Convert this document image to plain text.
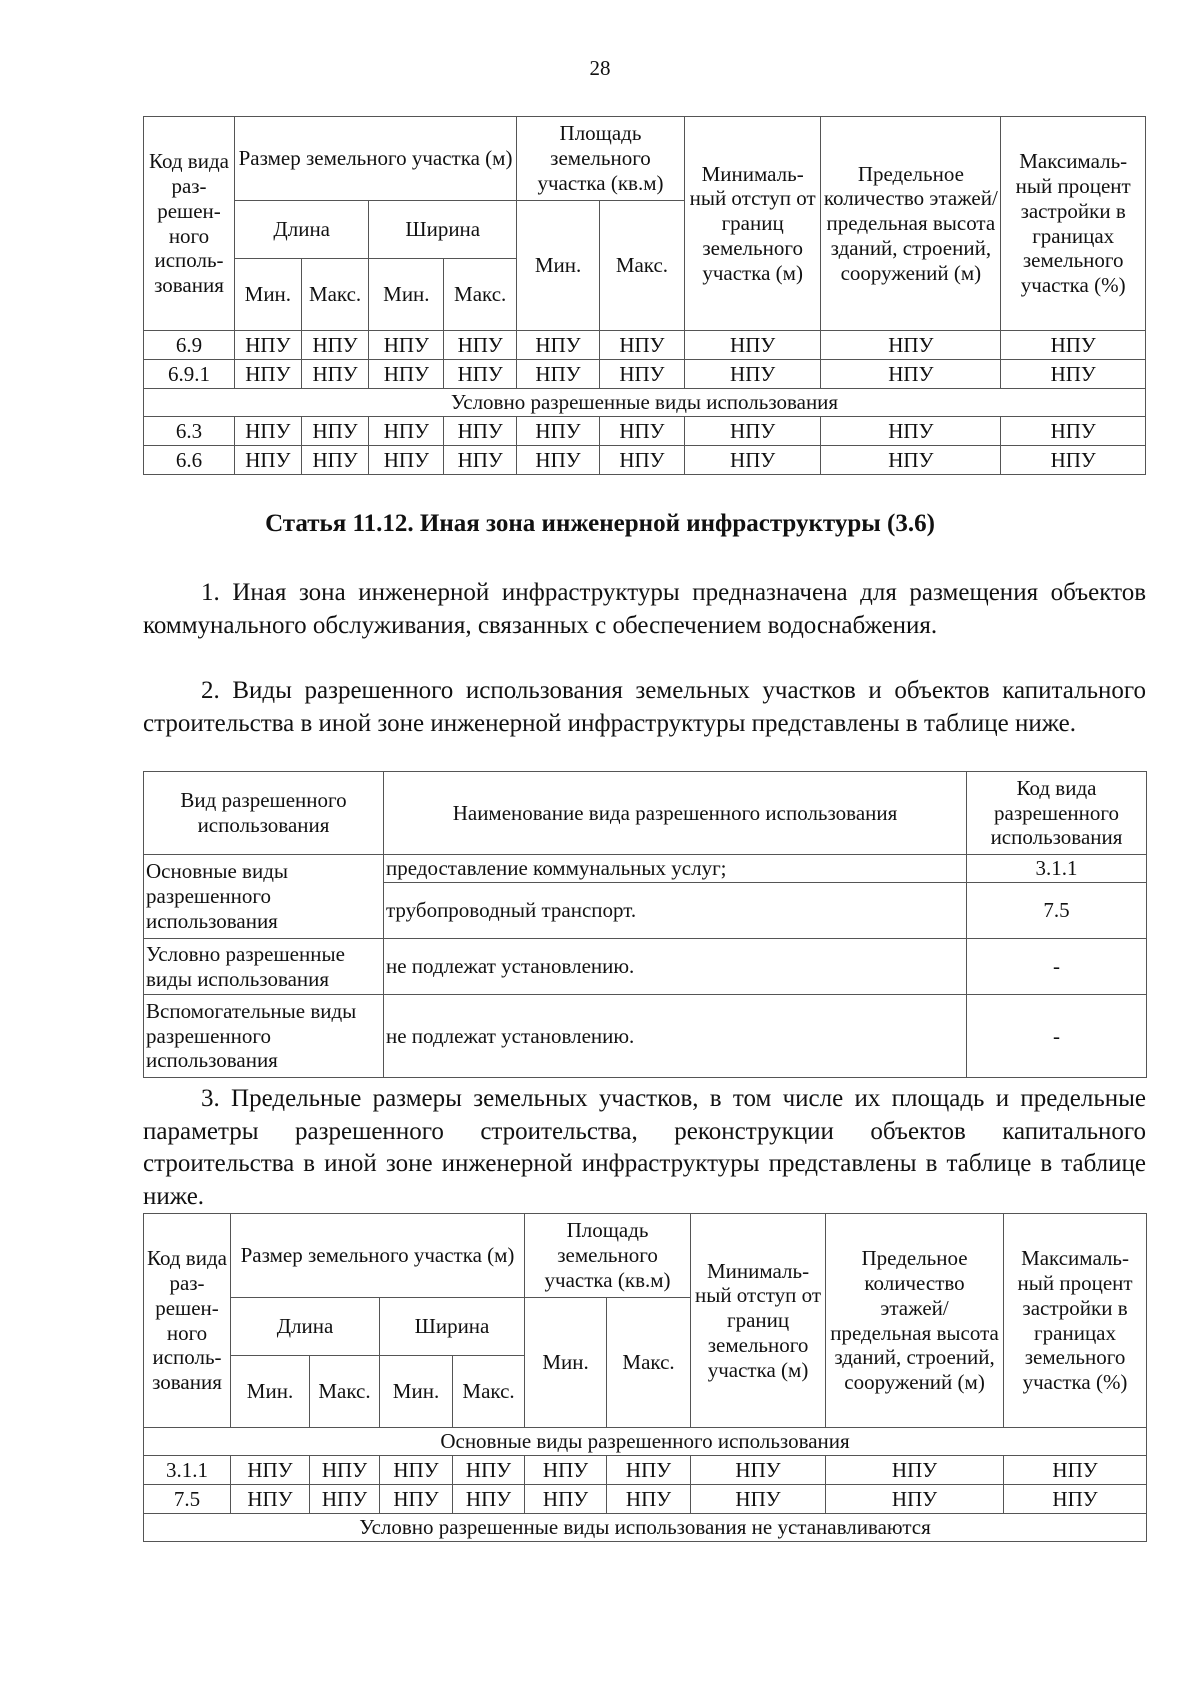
28
Код вида раз-решен-ного исполь-зования	Размер земельного участка (м)				Площадь земельного участка (кв.м)		Минималь-ный отступ от границ земельного участка (м)	Предельное количество этажей/ предельная высота зданий, строений, сооружений (м)	Максималь-ный процент застройки в границах земельного участка (%)
	Длина		Ширина		Мин.	Макс.			
	Мин.	Макс.	Мин.	Макс.					
6.9	НПУ	НПУ	НПУ	НПУ	НПУ	НПУ	НПУ	НПУ	НПУ
6.9.1	НПУ	НПУ	НПУ	НПУ	НПУ	НПУ	НПУ	НПУ	НПУ
Условно разрешенные виды использования									
6.3	НПУ	НПУ	НПУ	НПУ	НПУ	НПУ	НПУ	НПУ	НПУ
6.6	НПУ	НПУ	НПУ	НПУ	НПУ	НПУ	НПУ	НПУ	НПУ
Статья 11.12. Иная зона инженерной инфраструктуры (3.6)

1. Иная зона инженерной инфраструктуры предназначена для размещения объектов коммунального обслуживания, связанных с обеспечением водоснабжения.

2. Виды разрешенного использования земельных участков и объектов капитального строительства в иной зоне инженерной инфраструктуры представлены в таблице ниже.

Вид разрешенного использования	Наименование вида разрешенного использования	Код вида разрешенного использования
Основные виды разрешенного использования	предоставление коммунальных услуг;	3.1.1
	трубопроводный транспорт.	7.5
Условно разрешенные виды использования	не подлежат установлению.	-
Вспомогательные виды разрешенного использования	не подлежат установлению.	-

3. Предельные размеры земельных участков, в том числе их площадь и предельные параметры разрешенного строительства, реконструкции объектов капитального строительства в иной зоне инженерной инфраструктуры представлены в таблице в таблице ниже.

Код вида раз-решен-ного исполь-зования	Размер земельного участка (м)				Площадь земельного участка (кв.м)		Минималь-ный отступ от границ земельного участка (м)	Предельное количество этажей/ предельная высота зданий, строений, сооружений (м)	Максималь-ный процент застройки в границах земельного участка (%)
	Длина		Ширина		Мин.	Макс.			
	Мин.	Макс.	Мин.	Макс.					
Основные виды разрешенного использования									
3.1.1	НПУ	НПУ	НПУ	НПУ	НПУ	НПУ	НПУ	НПУ	НПУ
7.5	НПУ	НПУ	НПУ	НПУ	НПУ	НПУ	НПУ	НПУ	НПУ
Условно разрешенные виды использования не устанавливаются									
